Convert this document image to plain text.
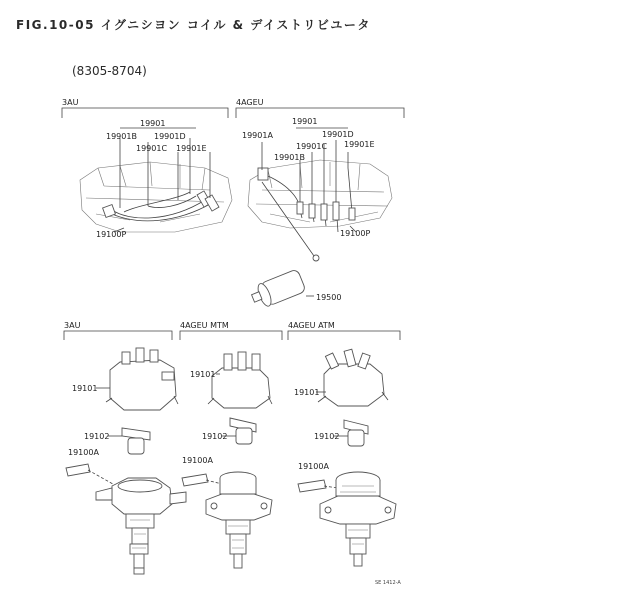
FIG.10-05 イグニシヨン コイル & デイストリビユータ
(8305-8704)
3AU
19901
19901B 19901D
19901C 19901E
19100P
4AGEU
19901
19901A	19901D
19901E
19901C
19901B
19100P
19500
3AU	4AGEU MTM	4AGEU ATM
19101
19101
19101
19102	19102	19102
19100A
19100A
19100A
SE 1412-A
